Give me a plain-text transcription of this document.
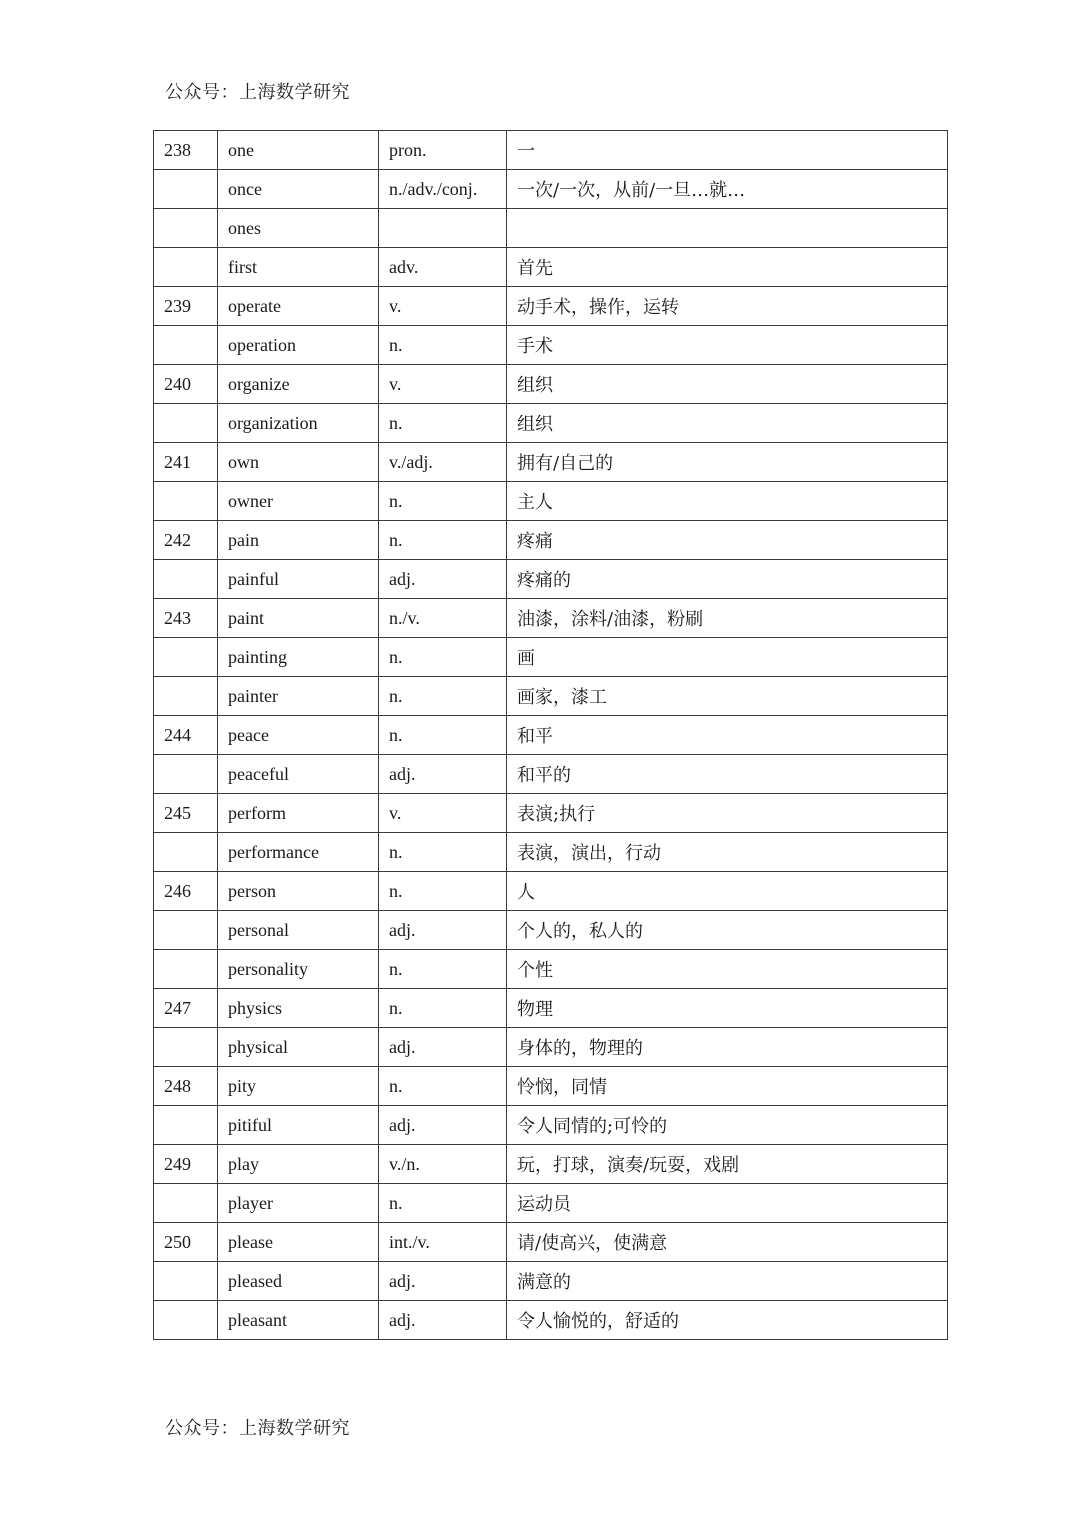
公众号：上海数学研究
238	one	pron.	一
	once	n./adv./conj.	一次/一次，从前/一旦…就…
	ones		
	first	adv.	首先
239	operate	v.	动手术，操作，运转
	operation	n.	手术
240	organize	v.	组织
	organization	n.	组织
241	own	v./adj.	拥有/自己的
	owner	n.	主人
242	pain	n.	疼痛
	painful	adj.	疼痛的
243	paint	n./v.	油漆，涂料/油漆，粉刷
	painting	n.	画
	painter	n.	画家，漆工
244	peace	n.	和平
	peaceful	adj.	和平的
245	perform	v.	表演;执行
	performance	n.	表演，演出，行动
246	person	n.	人
	personal	adj.	个人的，私人的
	personality	n.	个性
247	physics	n.	物理
	physical	adj.	身体的，物理的
248	pity	n.	怜悯，同情
	pitiful	adj.	令人同情的;可怜的
249	play	v./n.	玩，打球，演奏/玩耍，戏剧
	player	n.	运动员
250	please	int./v.	请/使高兴，使满意
	pleased	adj.	满意的
	pleasant	adj.	令人愉悦的，舒适的
公众号：上海数学研究
